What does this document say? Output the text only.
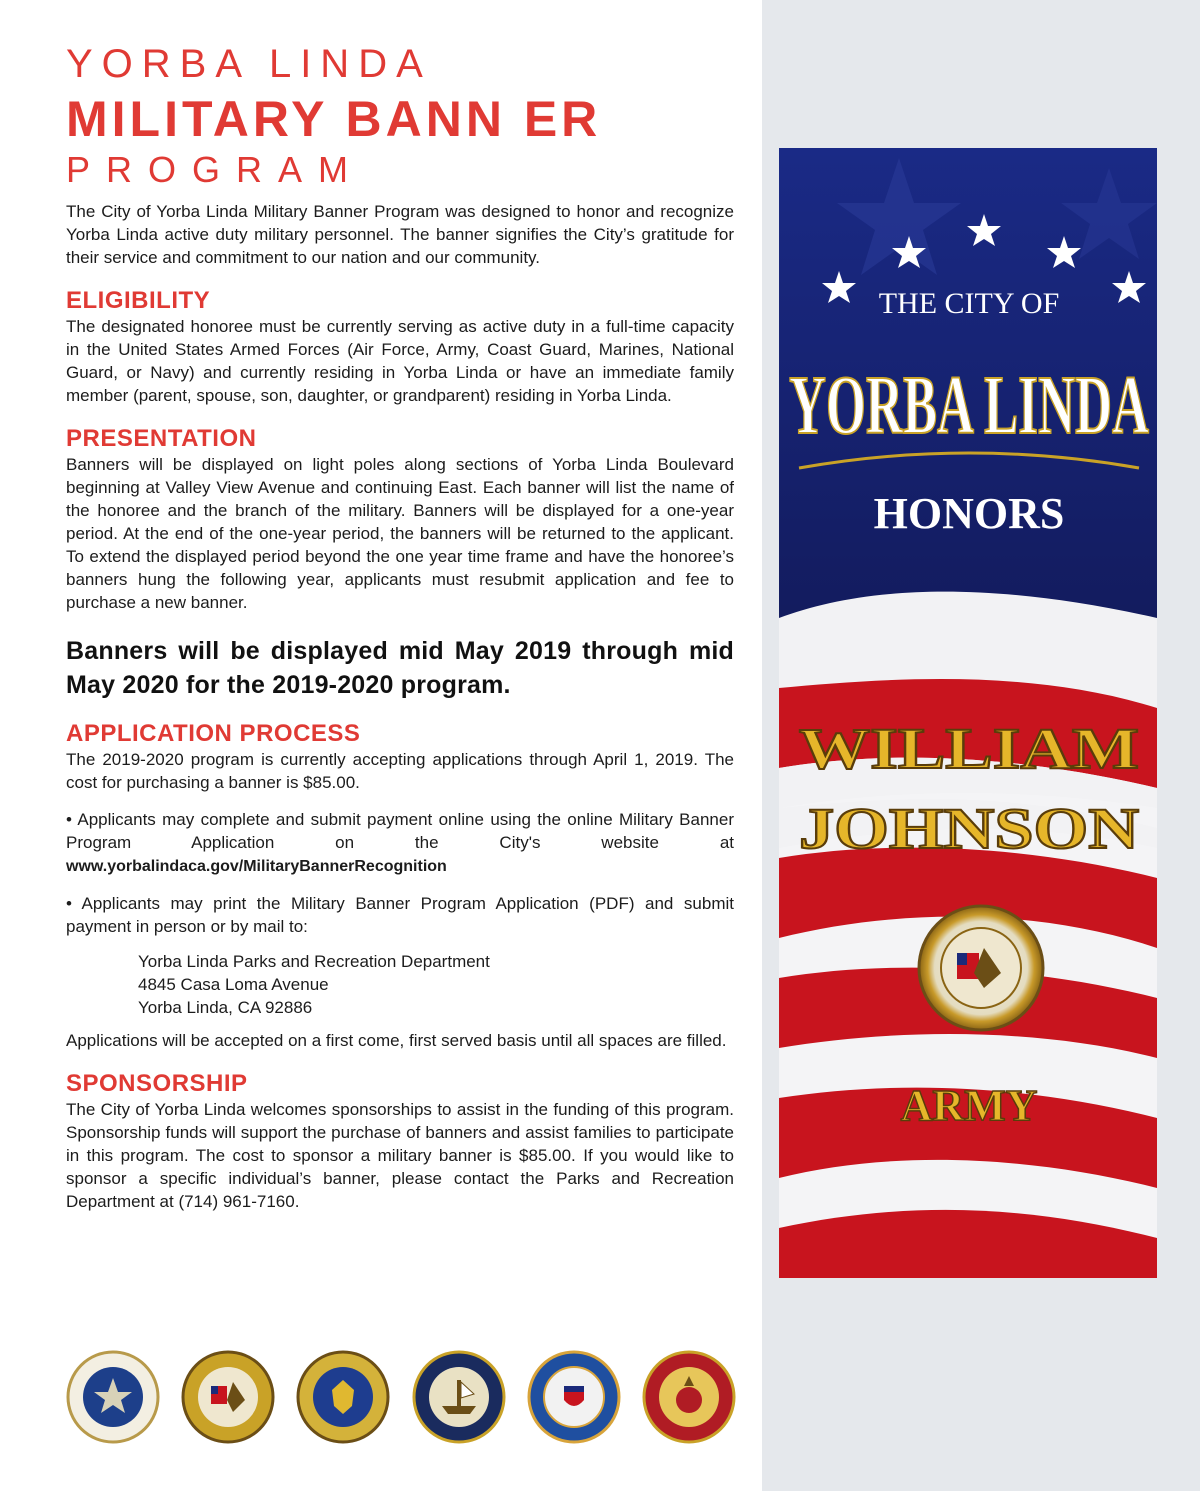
YORBA LINDA
MILITARY BANN ER
PROGRAM

The City of Yorba Linda Military Banner Program was designed to honor and recognize Yorba Linda active duty military personnel. The banner signifies the City’s gratitude for their service and commitment to our nation and our community.

ELIGIBILITY

The designated honoree must be currently serving as active duty in a full-time capacity in the United States Armed Forces (Air Force, Army, Coast Guard, Marines, National Guard, or Navy) and currently residing in Yorba Linda or have an immediate family member (parent, spouse, son, daughter, or grandparent) residing in Yorba Linda.

PRESENTATION

Banners will be displayed on light poles along sections of Yorba Linda Boulevard beginning at Valley View Avenue and continuing East. Each banner will list the name of the honoree and the branch of the military. Banners will be displayed for a one-year period. At the end of the one-year period, the banners will be returned to the applicant. To extend the displayed period beyond the one year time frame and have the honoree’s banners hung the following year, applicants must resubmit application and fee to purchase a new banner.

Banners will be displayed mid May 2019 through mid May 2020 for the 2019-2020 program.
APPLICATION PROCESS

The 2019-2020 program is currently accepting applications through April 1, 2019. The cost for purchasing a banner is $85.00.

• Applicants may complete and submit payment online using the online Military Banner Program Application on the City's website at www.yorbalindaca.gov/MilitaryBannerRecognition

• Applicants may print the Military Banner Program Application (PDF) and submit payment in person or by mail to:

Yorba Linda Parks and Recreation Department
4845 Casa Loma Avenue
Yorba Linda, CA 92886

Applications will be accepted on a first come, first served basis until all spaces are filled.

SPONSORSHIP

The City of Yorba Linda welcomes sponsorships to assist in the funding of this program. Sponsorship funds will support the purchase of banners and assist families to participate in this program. The cost to sponsor a military banner is $85.00. If you would like to sponsor a specific individual’s banner, please contact the Parks and Recreation Department at (714) 961-7160.

THE CITY OF
YORBA LINDA
HONORS
WILLIAM
JOHNSON
ARMY
